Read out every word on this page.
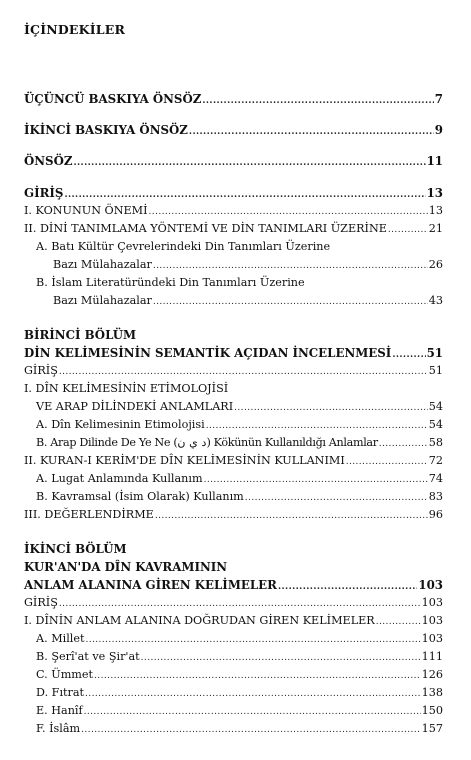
İÇİNDEKİLER
ÜÇÜNCÜ BASKIYA ÖNSÖZ .....	7
İKİNCİ BASKIYA ÖNSÖZ .....	9
ÖNSÖZ .....	11
GİRİŞ .....	13
I. KONUNUN ÖNEMİ .....	13
II. DİNİ TANIMLAMA YÖNTEMİ VE DİN TANIMLARI ÜZERİNE .....	21
A. Batı Kültür Çevrelerindeki Din Tanımları Üzerine
Bazı Mülahazalar .....	26
B. İslam Literatüründeki Din Tanımları Üzerine
Bazı Mülahazalar .....	43
BİRİNCİ BÖLÜM
DİN KELİMESİNİN SEMANTİK AÇIDAN İNCELENMESİ .....	51
GİRİŞ .....	51
I. DÎN KELİMESİNİN ETİMOLOJİSİ
VE ARAP DİLİNDEKİ ANLAMLARI .....	54
A. Dîn Kelimesinin Etimolojisi .....	54
B. Arap Dilinde De Ye Ne (د ي ن) Kökünün Kullanıldığı Anlamlar .....	58
II. KURAN-I KERİM'DE DÎN KELİMESİNİN KULLANIMI .....	72
A. Lugat Anlamında Kullanım .....	74
B. Kavramsal (İsim Olarak) Kullanım .....	83
III. DEĞERLENDİRME .....	96
İKİNCİ BÖLÜM
KUR'AN'DA DÎN KAVRAMININ
ANLAM ALANINA GİREN KELİMELER .....	103
GİRİŞ .....	103
I. DÎNİN ANLAM ALANINA DOĞRUDAN GİREN KELİMELER .....	103
A. Millet .....	103
B. Şerî'at ve Şir'at .....	111
C. Ümmet .....	126
D. Fıtrat .....	138
E. Hanîf .....	150
F. İslâm .....	157
